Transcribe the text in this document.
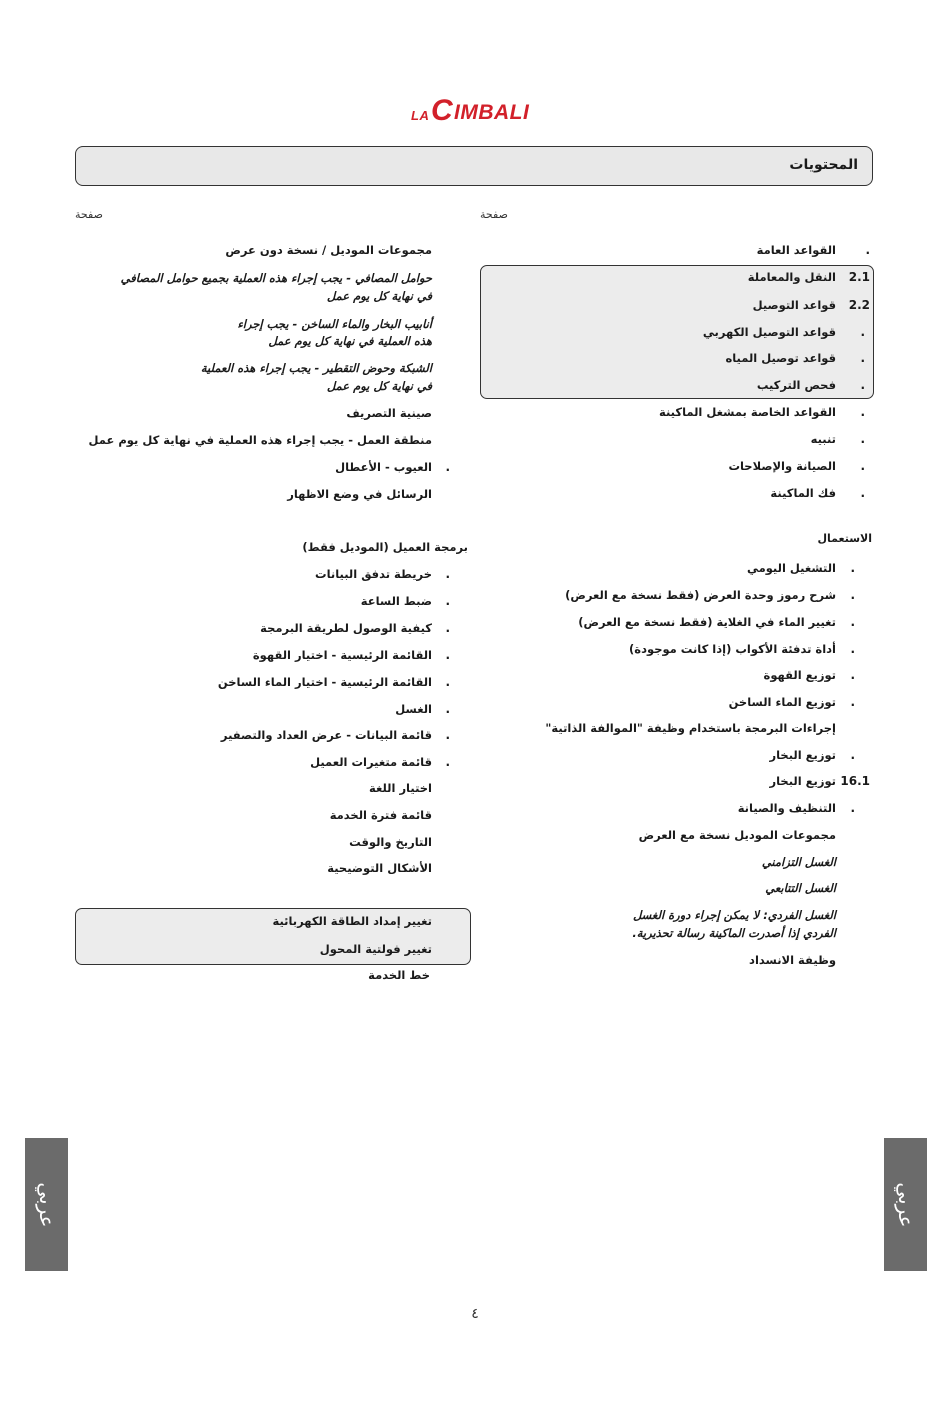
LA C IMBALI
المحتويات
صفحة
صفحة
.
القواعد العامة
2.1
النقل والمعاملة
2.2
قواعد التوصيل
.
قواعد التوصيل الكهربي
.
قواعد توصيل المياه
.
فحص التركيب
.
القواعد الخاصة بمشغل الماكينة
.
تنبيه
.
الصيانة والإصلاحات
.
فك الماكينة
الاستعمال
.
التشغيل اليومي
.
شرح رموز وحدة العرض (فقط نسخة مع العرض)
.
تغيير الماء في الغلاية (فقط نسخة مع العرض)
.
أداة تدفئة الأكواب (إذا كانت موجودة)
.
توزيع القهوة
.
توزيع الماء الساخن
إجراءات البرمجة باستخدام وظيفة "الموالفة الذاتية"
.
توزيع البخار
16.1
توزيع البخار
.
التنظيف والصيانة
مجموعات الموديل نسخة مع العرض
الغسل التزامني
الغسل التتابعي
الغسل الفردي: لا يمكن إجراء دورة الغسل
الفردي إذا أصدرت الماكينة رسالة تحذيرية.
وظيفة الانسداد
مجموعات الموديل / نسخة دون عرض
حوامل المصافي - يجب إجراء هذه العملية بجميع حوامل المصافي
في نهاية كل يوم عمل
أنابيب البخار والماء الساخن - يجب إجراء
هذه العملية في نهاية كل يوم عمل
الشبكة وحوض التقطير - يجب إجراء هذه العملية
في نهاية كل يوم عمل
صينية التصريف
منطقة العمل - يجب إجراء هذه العملية في نهاية كل يوم عمل
.
العيوب - الأعطال
الرسائل في وضع الاظهار
برمجة العميل (الموديل فقط)
.
خريطة تدفق البيانات
.
ضبط الساعة
.
كيفية الوصول لطريقة البرمجة
.
القائمة الرئيسية - اختيار القهوة
.
القائمة الرئيسية - اختيار الماء الساخن
.
الغسل
.
قائمة البيانات - عرض العداد والتصفير
.
قائمة متغيرات العميل
اختيار اللغة
قائمة فترة الخدمة
التاريخ والوقت
الأشكال التوضيحية
تغيير إمداد الطاقة الكهربائية
تغيير فولتية المحول
خط الخدمة
عربي	عربي
٤
